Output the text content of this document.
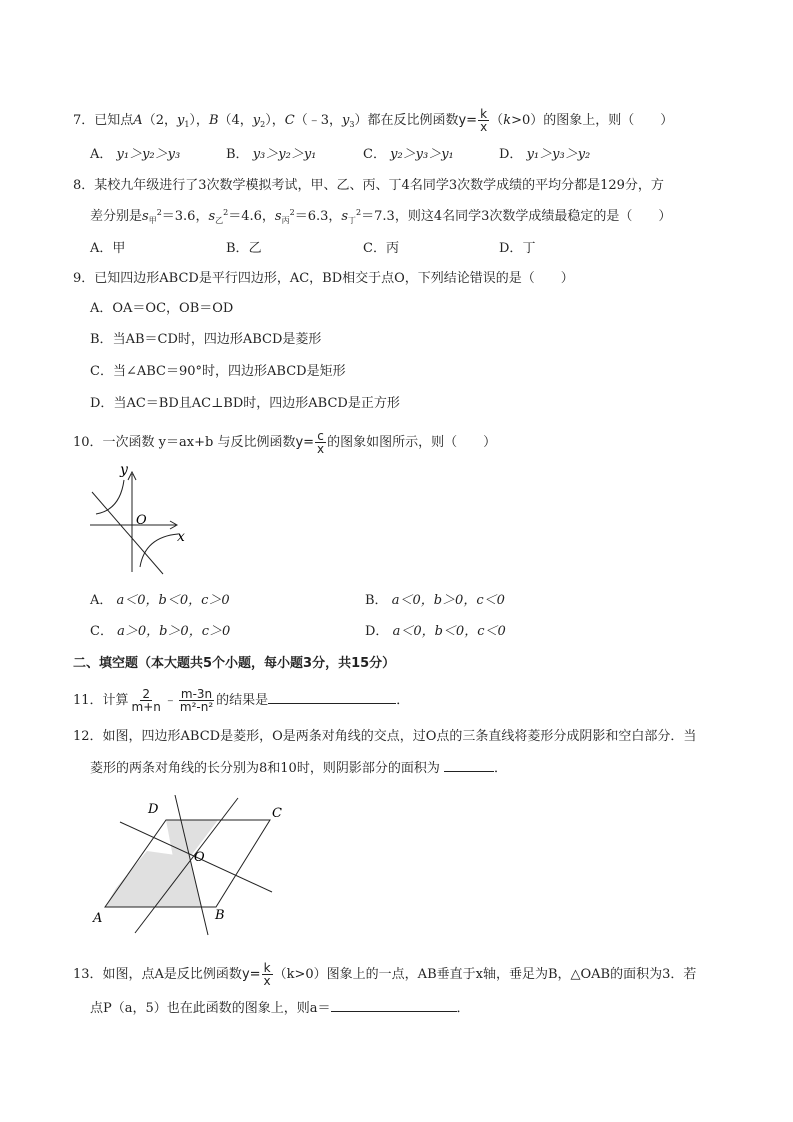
7．已知点A（2，$y_1$），B（4，$y_2$），C（﹣3，$y_3$）都在反比例函数$y= \frac{k}{x} (k>0)$的图象上，则（　　）
A． y₁＞y₂＞y₃	B． y₃＞y₂＞y₁	C． y₂＞y₃＞y₁	D． y₁＞y₃＞y₂
8．某校九年级进行了3次数学模拟考试，甲、乙、丙、丁4名同学3次数学成绩的平均分都是129分，方
差分别是$s_甲^2=3.6$，$s_乙^2=4.6$，$s_丙^2=6.3$，$s_丁^2=7.3$，则这4名同学3次数学成绩最稳定的是（　　）
A．甲	B．乙	C．丙	D．丁
9．已知四边形ABCD是平行四边形，AC，BD相交于点O，下列结论错误的是（　　）
A．OA＝OC，OB＝OD
B．当AB＝CD时，四边形ABCD是菱形
C．当∠ABC＝90°时，四边形ABCD是矩形
D．当AC＝BD且AC⊥BD时，四边形ABCD是正方形
10．一次函数 y＝ax+b 与反比例函数$y= \frac{c}{x}$ 的图象如图所示，则（　　）
y
x
O
A． a＜0，b＜0，c＞0	B． a＜0，b＞0，c＜0
C． a＞0，b＞0，c＞0	D． a＜0，b＜0，c＜0
二、填空题（本大题共5个小题，每小题3分，共15分）
11．计算 $\frac{2}{m+n}$ ﹣ $\frac{m-3n}{\text{m²-n²}}$ 的结果是	．
12．如图，四边形ABCD是菱形，O是两条对角线的交点，过O点的三条直线将菱形分成阴影和空白部分．当
菱形的两条对角线的长分别为8和10时，则阴影部分的面积为	．
A	B
C
D
O
13．如图，点A是反比例函数$y= \frac{k}{x} (k>0)$图象上的一点，AB垂直于x轴，垂足为B，△OAB的面积为3．若
点P（a，5）也在此函数的图象上，则a＝	．
